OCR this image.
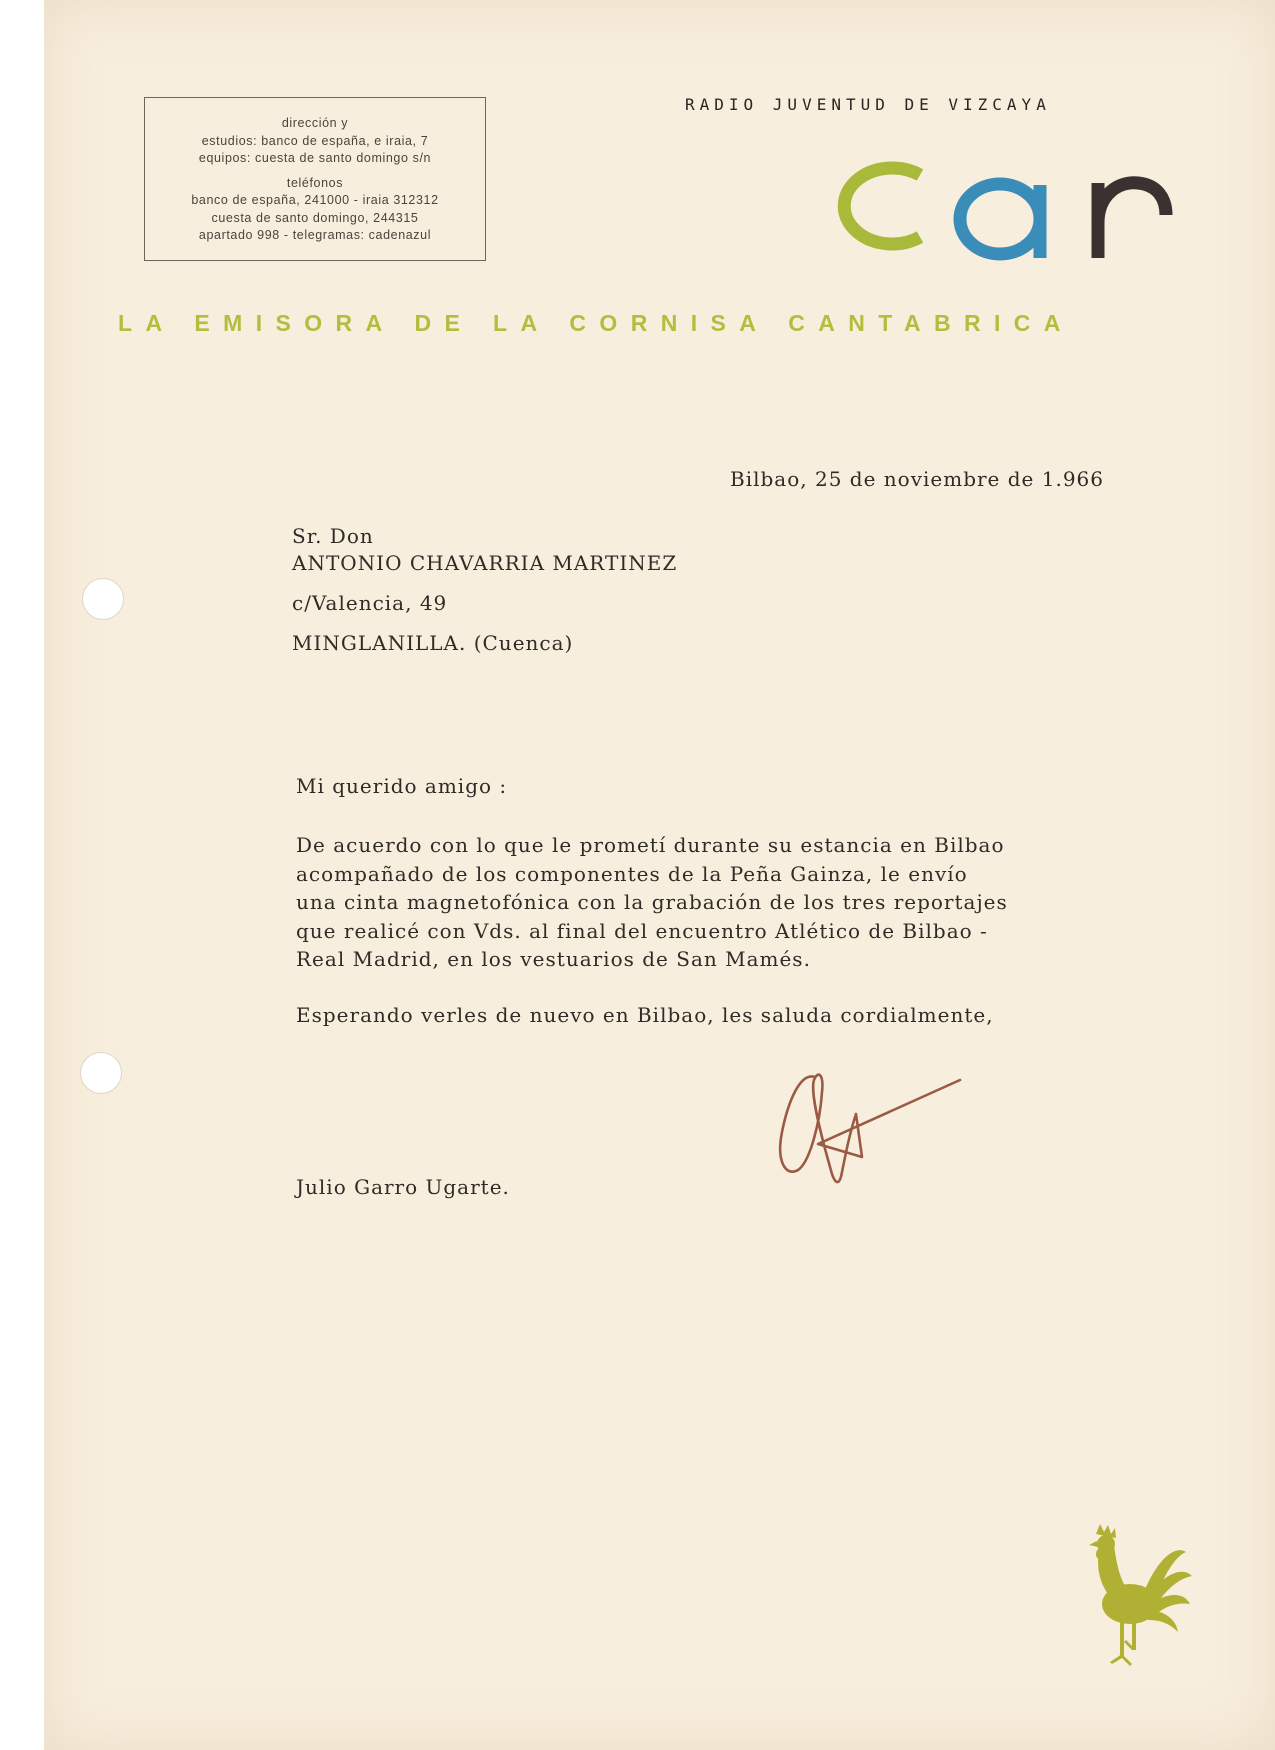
dirección y
estudios: banco de españa, e iraia, 7
equipos: cuesta de santo domingo s/n
teléfonos
banco de españa, 241000 - iraia 312312
cuesta de santo domingo, 244315
apartado 998 - telegramas: cadenazul
RADIO JUVENTUD DE VIZCAYA
LA EMISORA DE LA CORNISA CANTABRICA
Bilbao, 25 de noviembre de 1.966
Sr. Don
ANTONIO CHAVARRIA MARTINEZ
c/Valencia, 49
MINGLANILLA. (Cuenca)
Mi querido amigo :
De acuerdo con lo que le prometí durante su estancia en Bilbao
acompañado de los componentes de la Peña Gainza, le envío
una cinta magnetofónica con la grabación de los tres reportajes
que realicé con Vds. al final del encuentro Atlético de Bilbao -
Real Madrid, en los vestuarios de San Mamés.
Esperando verles de nuevo en Bilbao, les saluda cordialmente,
Julio Garro Ugarte.
